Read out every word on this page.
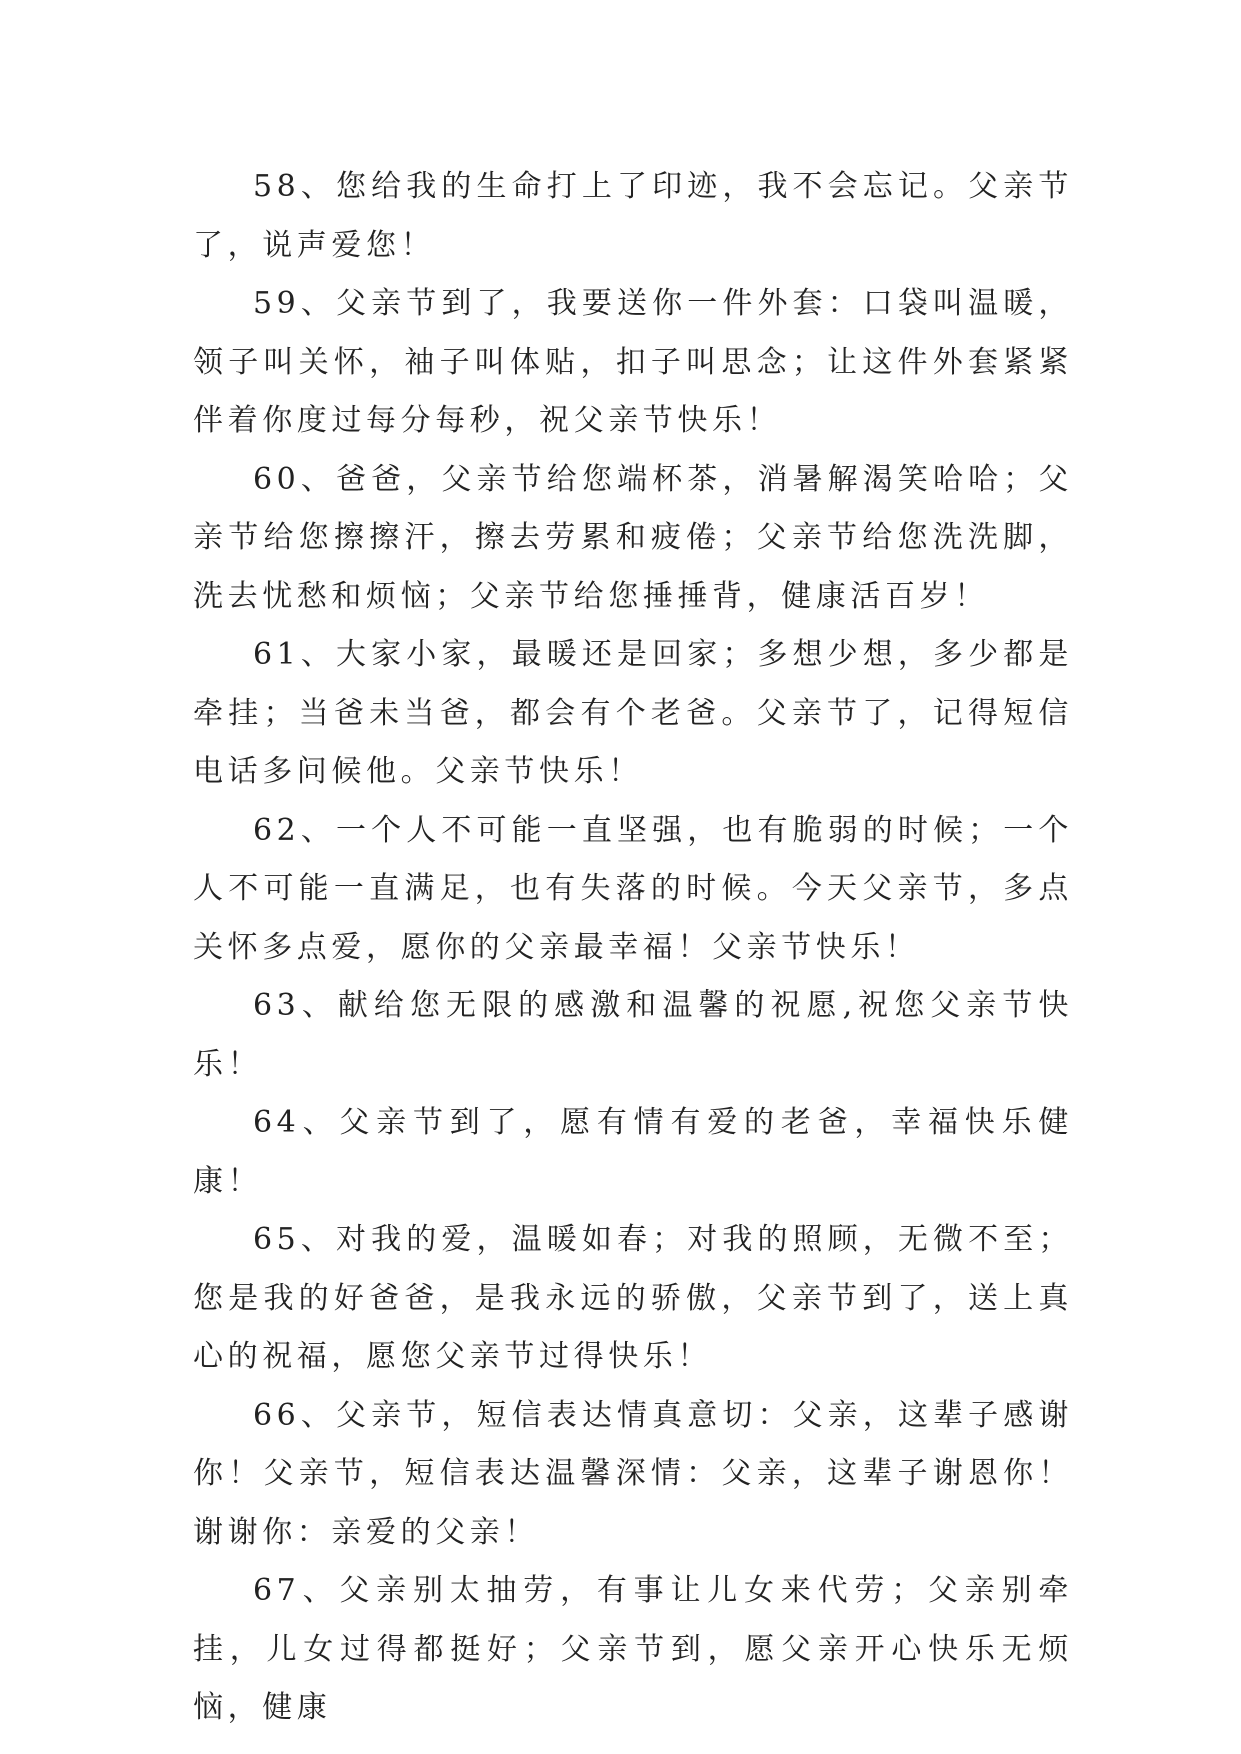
58、您给我的生命打上了印迹，我不会忘记。父亲节了，说声爱您！

59、父亲节到了，我要送你一件外套：口袋叫温暖，领子叫关怀，袖子叫体贴，扣子叫思念；让这件外套紧紧伴着你度过每分每秒，祝父亲节快乐！

60、爸爸，父亲节给您端杯茶，消暑解渴笑哈哈；父亲节给您擦擦汗，擦去劳累和疲倦；父亲节给您洗洗脚，洗去忧愁和烦恼；父亲节给您捶捶背，健康活百岁！

61、大家小家，最暖还是回家；多想少想，多少都是牵挂；当爸未当爸，都会有个老爸。父亲节了，记得短信电话多问候他。父亲节快乐！

62、一个人不可能一直坚强，也有脆弱的时候；一个人不可能一直满足，也有失落的时候。今天父亲节，多点关怀多点爱，愿你的父亲最幸福！父亲节快乐！

63、献给您无限的感激和温馨的祝愿,祝您父亲节快乐！

64、父亲节到了，愿有情有爱的老爸，幸福快乐健康！

65、对我的爱，温暖如春；对我的照顾，无微不至；您是我的好爸爸，是我永远的骄傲，父亲节到了，送上真心的祝福，愿您父亲节过得快乐！

66、父亲节，短信表达情真意切：父亲，这辈子感谢你！父亲节，短信表达温馨深情：父亲，这辈子谢恩你！谢谢你：亲爱的父亲！

67、父亲别太抽劳，有事让儿女来代劳；父亲别牵挂，儿女过得都挺好；父亲节到，愿父亲开心快乐无烦恼，健康
